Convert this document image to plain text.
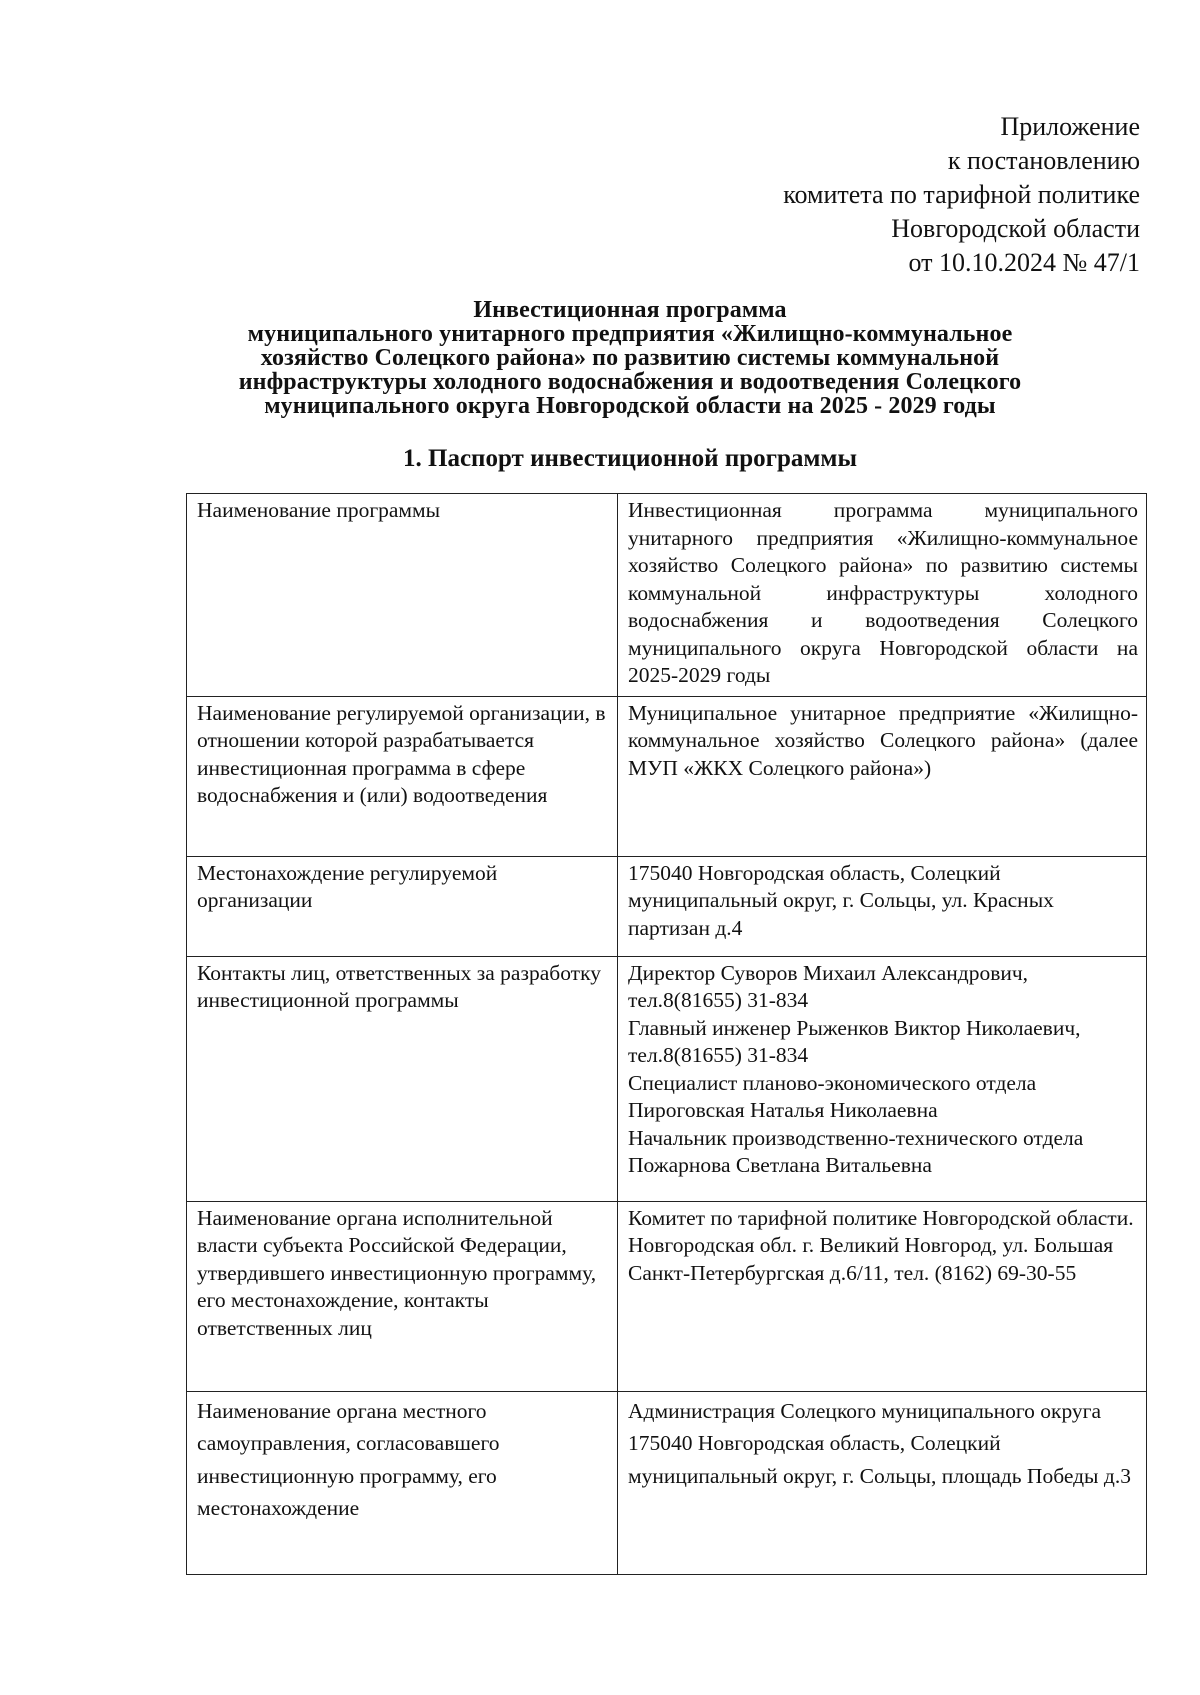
Приложение
к постановлению
комитета по тарифной политике
Новгородской области
от 10.10.2024 № 47/1
Инвестиционная программа
муниципального унитарного предприятия «Жилищно-коммунальное
хозяйство Солецкого района» по развитию системы коммунальной
инфраструктуры холодного водоснабжения и водоотведения Солецкого
муниципального округа Новгородской области на 2025 - 2029 годы
1. Паспорт инвестиционной программы
Наименование программы	Инвестиционная программа муниципального унитарного предприятия «Жилищно-коммунальное хозяйство Солецкого района» по развитию системы коммунальной инфраструктуры холодного водоснабжения и водоотведения Солецкого муниципального округа Новгородской области на 2025-2029 годы
Наименование регулируемой организации, в отношении которой разрабатывается инвестиционная программа в сфере водоснабжения и (или) водоотведения	Муниципальное унитарное предприятие «Жилищно-коммунальное хозяйство Солецкого района» (далее МУП «ЖКХ Солецкого района»)
Местонахождение регулируемой организации	175040 Новгородская область, Солецкий муниципальный округ, г. Сольцы, ул. Красных партизан д.4
Контакты лиц, ответственных за разработку инвестиционной программы	Директор Суворов Михаил Александрович, тел.8(81655) 31-834
Главный инженер Рыженков Виктор Николаевич, тел.8(81655) 31-834
Специалист планово-экономического отдела Пироговская Наталья Николаевна
Начальник производственно-технического отдела Пожарнова Светлана Витальевна

Наименование органа исполнительной власти субъекта Российской Федерации, утвердившего инвестиционную программу, его местонахождение, контакты ответственных лиц	Комитет по тарифной политике Новгородской области.
Новгородская обл. г. Великий Новгород, ул. Большая Санкт-Петербургская д.6/11, тел. (8162) 69-30-55

Наименование органа местного самоуправления, согласовавшего инвестиционную программу, его местонахождение	Администрация Солецкого муниципального округа
175040 Новгородская область, Солецкий муниципальный округ, г. Сольцы, площадь Победы д.3
